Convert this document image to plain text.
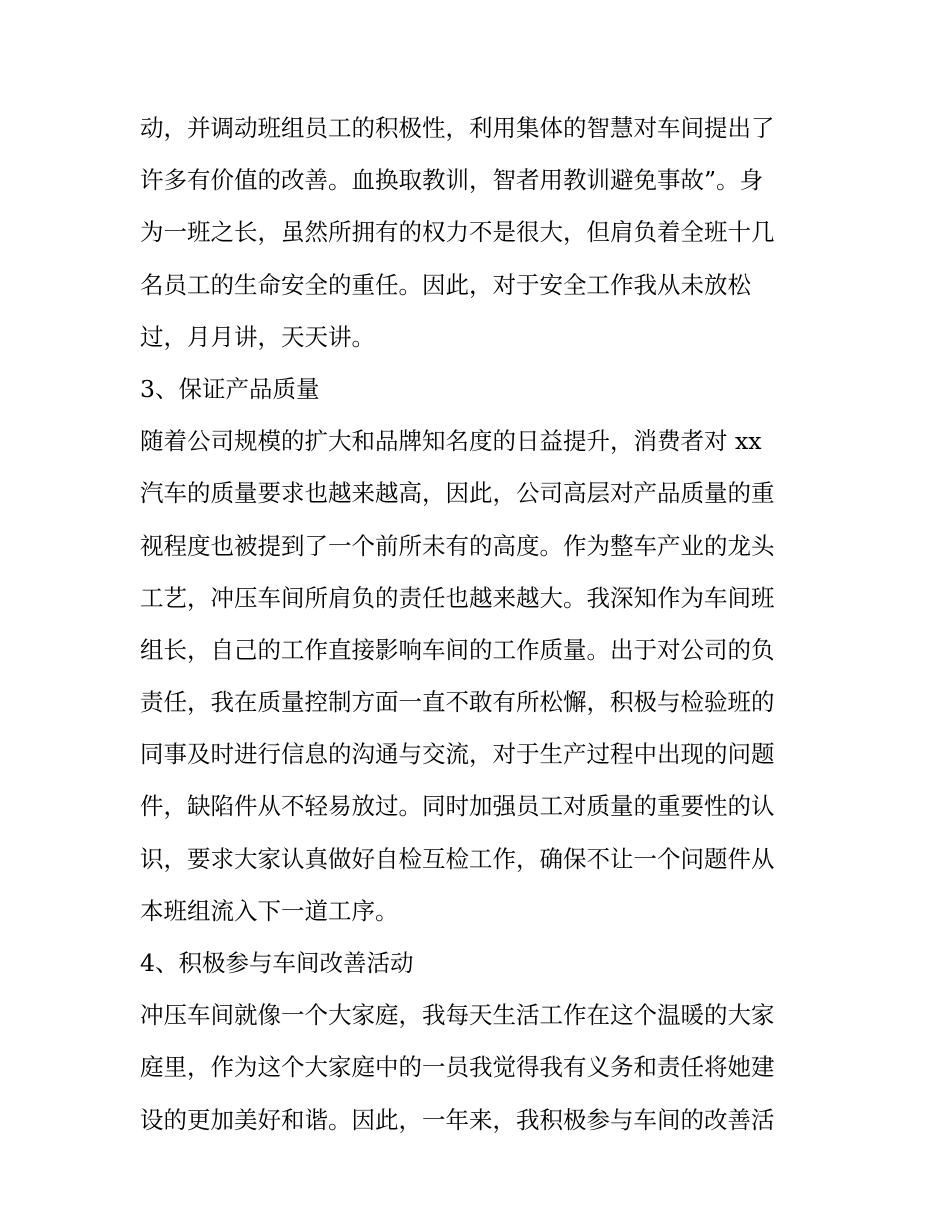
动，并调动班组员工的积极性，利用集体的智慧对车间提出了
许多有价值的改善。血换取教训，智者用教训避免事故”。身
为一班之长，虽然所拥有的权力不是很大，但肩负着全班十几
名员工的生命安全的重任。因此，对于安全工作我从未放松
过，月月讲，天天讲。
3、保证产品质量
随着公司规模的扩大和品牌知名度的日益提升，消费者对 xx
汽车的质量要求也越来越高，因此，公司高层对产品质量的重
视程度也被提到了一个前所未有的高度。作为整车产业的龙头
工艺，冲压车间所肩负的责任也越来越大。我深知作为车间班
组长，自己的工作直接影响车间的工作质量。出于对公司的负
责任，我在质量控制方面一直不敢有所松懈，积极与检验班的
同事及时进行信息的沟通与交流，对于生产过程中出现的问题
件，缺陷件从不轻易放过。同时加强员工对质量的重要性的认
识，要求大家认真做好自检互检工作，确保不让一个问题件从
本班组流入下一道工序。
4、积极参与车间改善活动
冲压车间就像一个大家庭，我每天生活工作在这个温暖的大家
庭里，作为这个大家庭中的一员我觉得我有义务和责任将她建
设的更加美好和谐。因此，一年来，我积极参与车间的改善活
